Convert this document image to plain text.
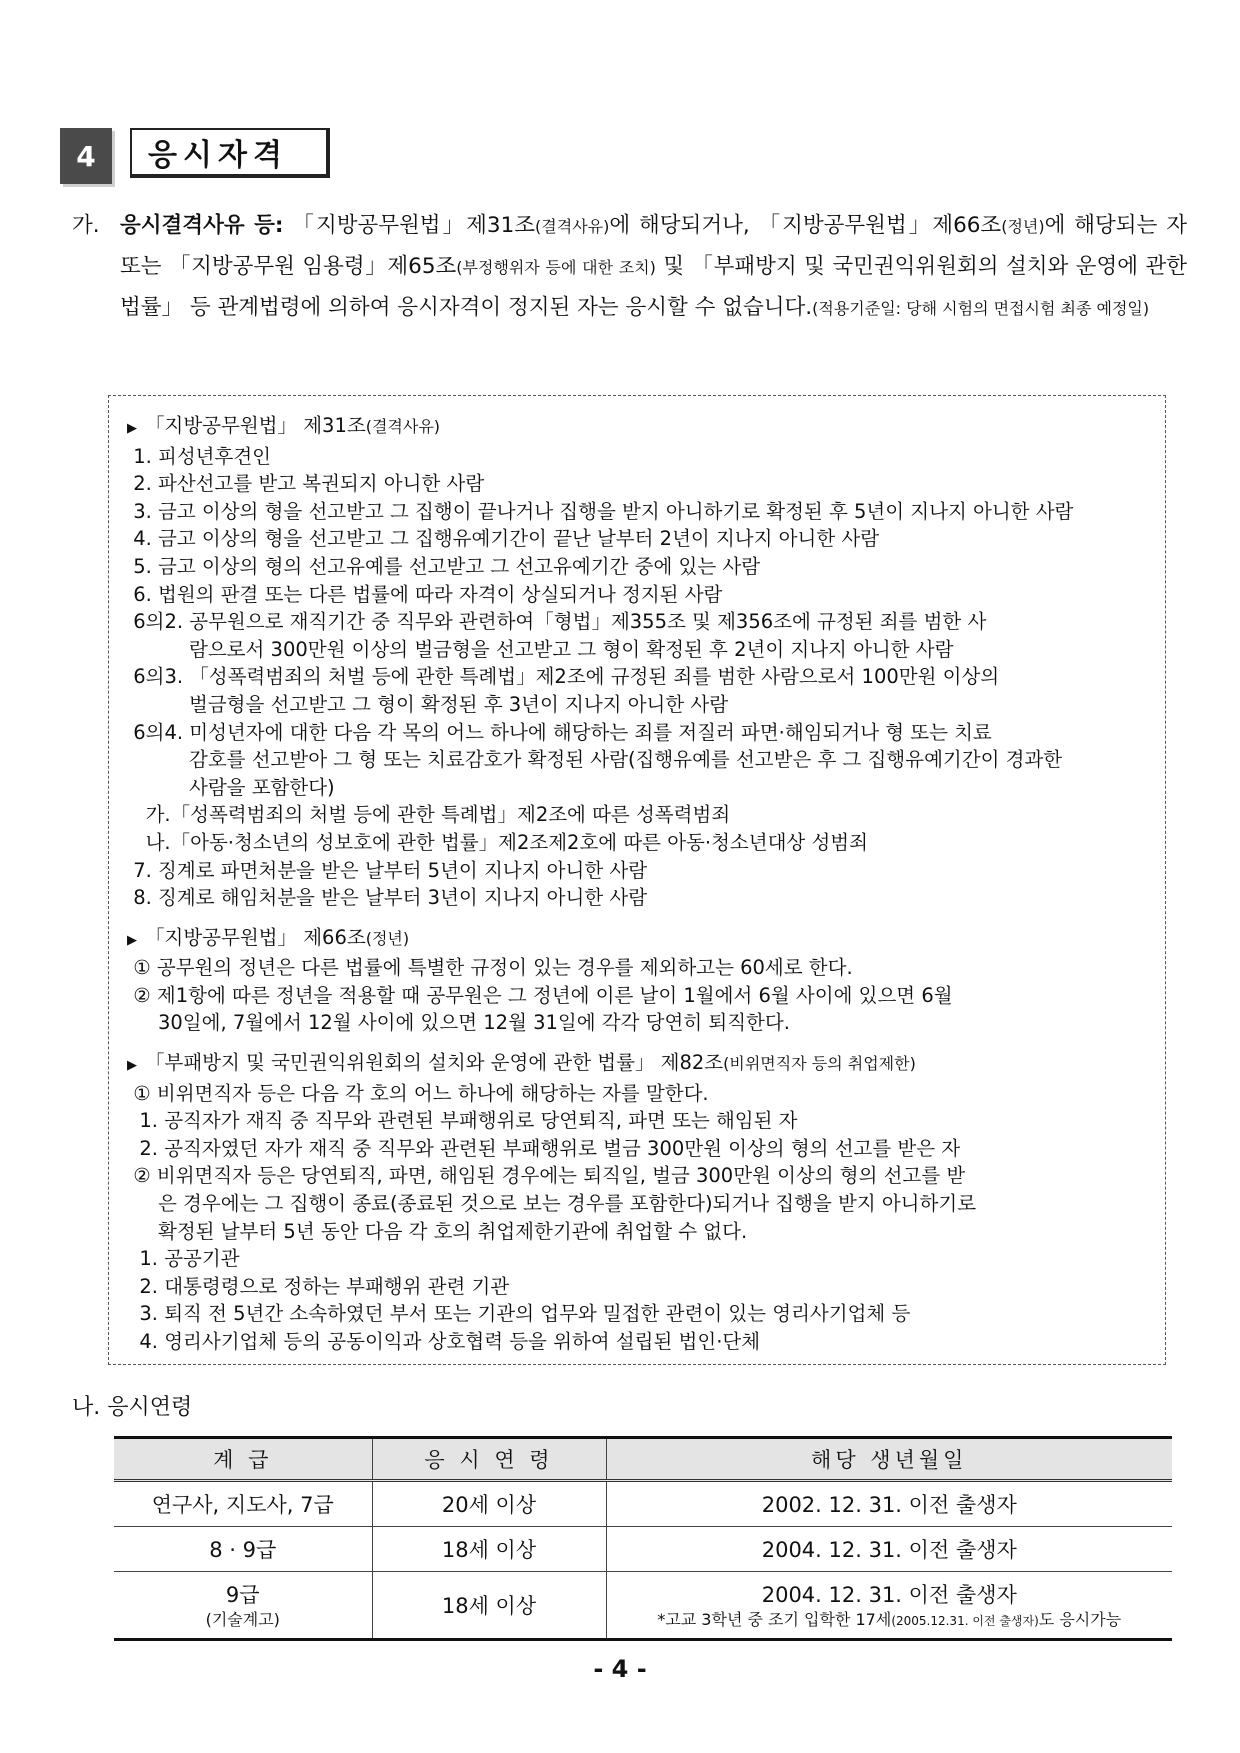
4	응시자격
가. 응시결격사유 등: 「지방공무원법」제31조(결격사유)에 해당되거나, 「지방공무원법」제66조(정년)에 해당되는 자 또는 「지방공무원 임용령」제65조(부정행위자 등에 대한 조치) 및 「부패방지 및 국민권익위원회의 설치와 운영에 관한 법률」 등 관계법령에 의하여 응시자격이 정지된 자는 응시할 수 없습니다.(적용기준일: 당해 시험의 면접시험 최종 예정일)
▶ 「지방공무원법」 제31조(결격사유)
1. 피성년후견인
2. 파산선고를 받고 복권되지 아니한 사람
3. 금고 이상의 형을 선고받고 그 집행이 끝나거나 집행을 받지 아니하기로 확정된 후 5년이 지나지 아니한 사람
4. 금고 이상의 형을 선고받고 그 집행유예기간이 끝난 날부터 2년이 지나지 아니한 사람
5. 금고 이상의 형의 선고유예를 선고받고 그 선고유예기간 중에 있는 사람
6. 법원의 판결 또는 다른 법률에 따라 자격이 상실되거나 정지된 사람
6의2. 공무원으로 재직기간 중 직무와 관련하여「형법」제355조 및 제356조에 규정된 죄를 범한 사
람으로서 300만원 이상의 벌금형을 선고받고 그 형이 확정된 후 2년이 지나지 아니한 사람
6의3. 「성폭력범죄의 처벌 등에 관한 특례법」제2조에 규정된 죄를 범한 사람으로서 100만원 이상의
벌금형을 선고받고 그 형이 확정된 후 3년이 지나지 아니한 사람
6의4. 미성년자에 대한 다음 각 목의 어느 하나에 해당하는 죄를 저질러 파면·해임되거나 형 또는 치료
감호를 선고받아 그 형 또는 치료감호가 확정된 사람(집행유예를 선고받은 후 그 집행유예기간이 경과한
사람을 포함한다)
가.「성폭력범죄의 처벌 등에 관한 특례법」제2조에 따른 성폭력범죄
나.「아동·청소년의 성보호에 관한 법률」제2조제2호에 따른 아동·청소년대상 성범죄
7. 징계로 파면처분을 받은 날부터 5년이 지나지 아니한 사람
8. 징계로 해임처분을 받은 날부터 3년이 지나지 아니한 사람
▶ 「지방공무원법」 제66조(정년)
① 공무원의 정년은 다른 법률에 특별한 규정이 있는 경우를 제외하고는 60세로 한다.
② 제1항에 따른 정년을 적용할 때 공무원은 그 정년에 이른 날이 1월에서 6월 사이에 있으면 6월
30일에, 7월에서 12월 사이에 있으면 12월 31일에 각각 당연히 퇴직한다.
▶ 「부패방지 및 국민권익위원회의 설치와 운영에 관한 법률」 제82조(비위면직자 등의 취업제한)
① 비위면직자 등은 다음 각 호의 어느 하나에 해당하는 자를 말한다.
1. 공직자가 재직 중 직무와 관련된 부패행위로 당연퇴직, 파면 또는 해임된 자
2. 공직자였던 자가 재직 중 직무와 관련된 부패행위로 벌금 300만원 이상의 형의 선고를 받은 자
② 비위면직자 등은 당연퇴직, 파면, 해임된 경우에는 퇴직일, 벌금 300만원 이상의 형의 선고를 받
은 경우에는 그 집행이 종료(종료된 것으로 보는 경우를 포함한다)되거나 집행을 받지 아니하기로
확정된 날부터 5년 동안 다음 각 호의 취업제한기관에 취업할 수 없다.
1. 공공기관
2. 대통령령으로 정하는 부패행위 관련 기관
3. 퇴직 전 5년간 소속하였던 부서 또는 기관의 업무와 밀접한 관련이 있는 영리사기업체 등
4. 영리사기업체 등의 공동이익과 상호협력 등을 위하여 설립된 법인·단체
나. 응시연령
계 급	응 시 연 령	해당 생년월일
연구사, 지도사, 7급	20세 이상	2002. 12. 31. 이전 출생자
8 · 9급	18세 이상	2004. 12. 31. 이전 출생자
9급
(기술계고)	18세 이상	2004. 12. 31. 이전 출생자
*고교 3학년 중 조기 입학한 17세(2005.12.31. 이전 출생자)도 응시가능
- 4 -
